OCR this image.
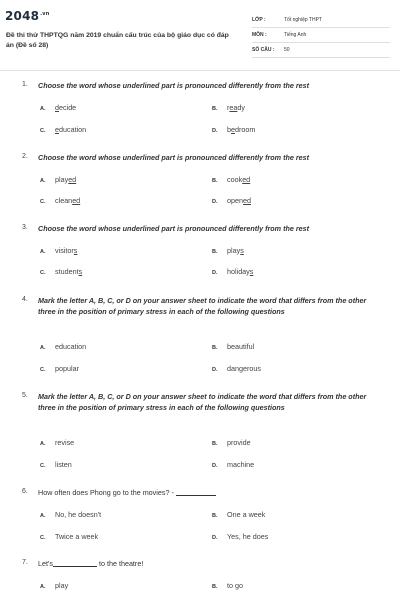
$2048^{.vn}$
Đề thi thử THPTQG năm 2019 chuẩn cấu trúc của bộ giáo dục có đáp án (Đề số 28)
LỚP :	Tốt nghiệp THPT
MÔN :	Tiếng Anh
SỐ CÂU :	50
1. Choose the word whose underlined part is pronounced differently from the rest
A. decide	B. ready
C. education	D. bedroom
2. Choose the word whose underlined part is pronounced differently from the rest
A. played	B. cooked
C. cleaned	D. opened
3. Choose the word whose underlined part is pronounced differently from the rest
A. visitors	B. plays
C. students	D. holidays
4. Mark the letter A, B, C, or D on your answer sheet to indicate the word that differs from the other three in the position of primary stress in each of the following questions
A. education	B. beautiful
C. popular	D. dangerous
5. Mark the letter A, B, C, or D on your answer sheet to indicate the word that differs from the other three in the position of primary stress in each of the following questions
A. revise	B. provide
C. listen	D. machine
6. How often does Phong go to the movies? -
A. No, he doesn't	B. One a week
C. Twice a week	D. Yes, he does
7. Let's	to the theatre!
A. play	B. to go
